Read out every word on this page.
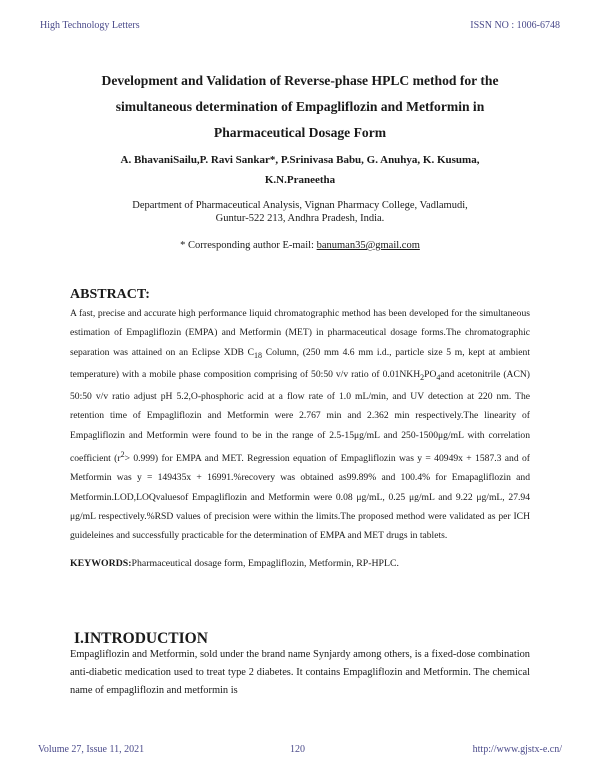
High Technology Letters	ISSN NO : 1006-6748
Development and Validation of Reverse-phase HPLC method for the
simultaneous determination of Empagliflozin and Metformin in
Pharmaceutical Dosage Form
A. BhavaniSailu,P. Ravi Sankar*, P.Srinivasa Babu, G. Anuhya, K. Kusuma,
K.N.Praneetha
Department of Pharmaceutical Analysis, Vignan Pharmacy College, Vadlamudi,
Guntur-522 213, Andhra Pradesh, India.
* Corresponding author E-mail: banuman35@gmail.com
ABSTRACT:

A fast, precise and accurate high performance liquid chromatographic method has been developed for the simultaneous estimation of Empagliflozin (EMPA) and Metformin (MET) in pharmaceutical dosage forms.The chromatographic separation was attained on an Eclipse XDB $C_{18}$ Column, (250 mm 4.6 mm i.d., particle size 5 m, kept at ambient temperature) with a mobile phase composition comprising of 50:50 v/v ratio of $0.01NKH_2PO_4and$ acetonitrile (ACN) 50:50 v/v ratio adjust pH 5.2,O-phosphoric acid at a flow rate of 1.0 mL/min, and UV detection at 220 nm. The retention time of Empagliflozin and Metformin were 2.767 min and 2.362 min respectively.The linearity of Empagliflozin and Metformin were found to be in the range of 2.5-15μg/mL and 250-1500μg/mL with correlation coefficient $(r^2> 0.999)$ for EMPA and MET. Regression equation of Empagliflozin was y = 40949x + 1587.3 and of Metformin was y = 149435x + 16991.%recovery was obtained as99.89% and 100.4% for Emapagliflozin and Metformin.LOD,LOQvaluesof Empagliflozin and Metformin were 0.08 μg/mL, 0.25 μg/mL and 9.22 μg/mL, 27.94 μg/mL respectively.%RSD values of precision were within the limits.The proposed method were validated as per ICH guideleines and successfully practicable for the determination of EMPA and MET drugs in tablets.

KEYWORDS:Pharmaceutical dosage form, Empagliflozin, Metformin, RP-HPLC.
I.INTRODUCTION

Empagliflozin and Metformin, sold under the brand name Synjardy among others, is a fixed-dose combination anti-diabetic medication used to treat type 2 diabetes. It contains Empagliflozin and Metformin. The chemical name of empagliflozin and metformin is

Volume 27, Issue 11, 2021	120	http://www.gjstx-e.cn/
